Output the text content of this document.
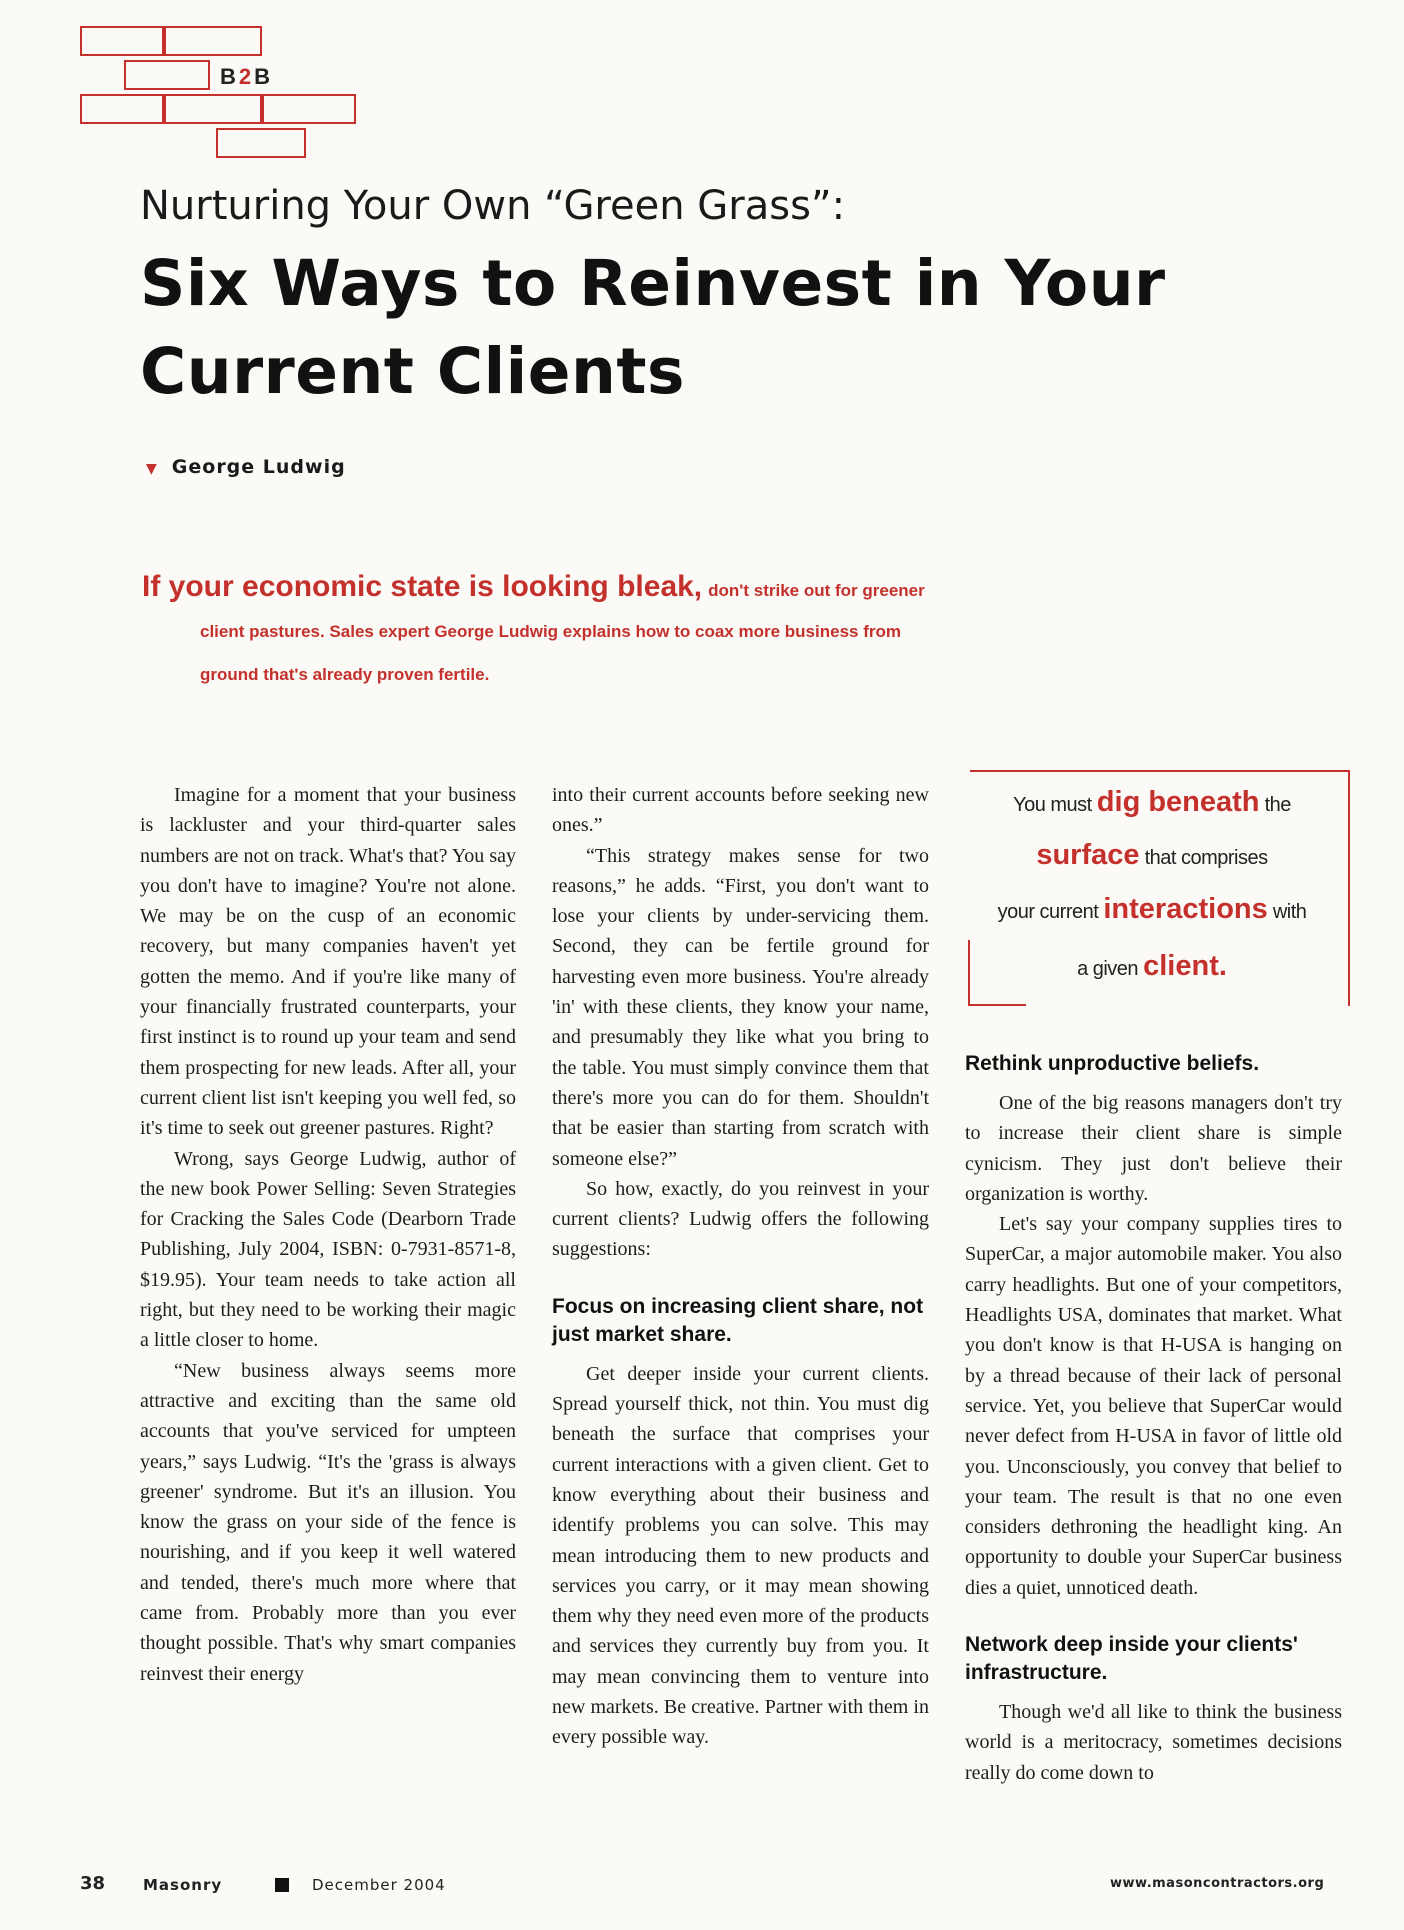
B2B
Nurturing Your Own “Green Grass”:
Six Ways to Reinvest in Your
Current Clients
▼ George Ludwig
If your economic state is looking bleak, don't strike out for greener
client pastures. Sales expert George Ludwig explains how to coax more business from
ground that's already proven fertile.

Imagine for a moment that your business is lackluster and your third-quarter sales numbers are not on track. What's that? You say you don't have to imagine? You're not alone. We may be on the cusp of an economic recovery, but many companies haven't yet gotten the memo. And if you're like many of your financially frustrated counterparts, your first instinct is to round up your team and send them prospecting for new leads. After all, your current client list isn't keeping you well fed, so it's time to seek out greener pastures. Right?

Wrong, says George Ludwig, author of the new book Power Selling: Seven Strategies for Cracking the Sales Code (Dearborn Trade Publishing, July 2004, ISBN: 0-7931-8571-8, $19.95). Your team needs to take action all right, but they need to be working their magic a little closer to home.

“New business always seems more attractive and exciting than the same old accounts that you've serviced for umpteen years,” says Ludwig. “It's the 'grass is always greener' syndrome. But it's an illusion. You know the grass on your side of the fence is nourishing, and if you keep it well watered and tended, there's much more where that came from. Probably more than you ever thought possible. That's why smart companies reinvest their energy

into their current accounts before seeking new ones.”

“This strategy makes sense for two reasons,” he adds. “First, you don't want to lose your clients by under-servicing them. Second, they can be fertile ground for harvesting even more business. You're already 'in' with these clients, they know your name, and presumably they like what you bring to the table. You must simply convince them that there's more you can do for them. Shouldn't that be easier than starting from scratch with someone else?”

So how, exactly, do you reinvest in your current clients? Ludwig offers the following suggestions:

Focus on increasing client share, not just market share.

Get deeper inside your current clients. Spread yourself thick, not thin. You must dig beneath the surface that comprises your current interactions with a given client. Get to know everything about their business and identify problems you can solve. This may mean introducing them to new products and services you carry, or it may mean showing them why they need even more of the products and services they currently buy from you. It may mean convincing them to venture into new markets. Be creative. Partner with them in every possible way.

You must dig beneath the
surface that comprises
your current interactions with
a given client.
Rethink unproductive beliefs.

One of the big reasons managers don't try to increase their client share is simple cynicism. They just don't believe their organization is worthy.

Let's say your company supplies tires to SuperCar, a major automobile maker. You also carry headlights. But one of your competitors, Headlights USA, dominates that market. What you don't know is that H-USA is hanging on by a thread because of their lack of personal service. Yet, you believe that SuperCar would never defect from H-USA in favor of little old you. Unconsciously, you convey that belief to your team. The result is that no one even considers dethroning the headlight king. An opportunity to double your SuperCar business dies a quiet, unnoticed death.

Network deep inside your clients' infrastructure.

Though we'd all like to think the business world is a meritocracy, sometimes decisions really do come down to

38	Masonry	December 2004	www.masoncontractors.org
